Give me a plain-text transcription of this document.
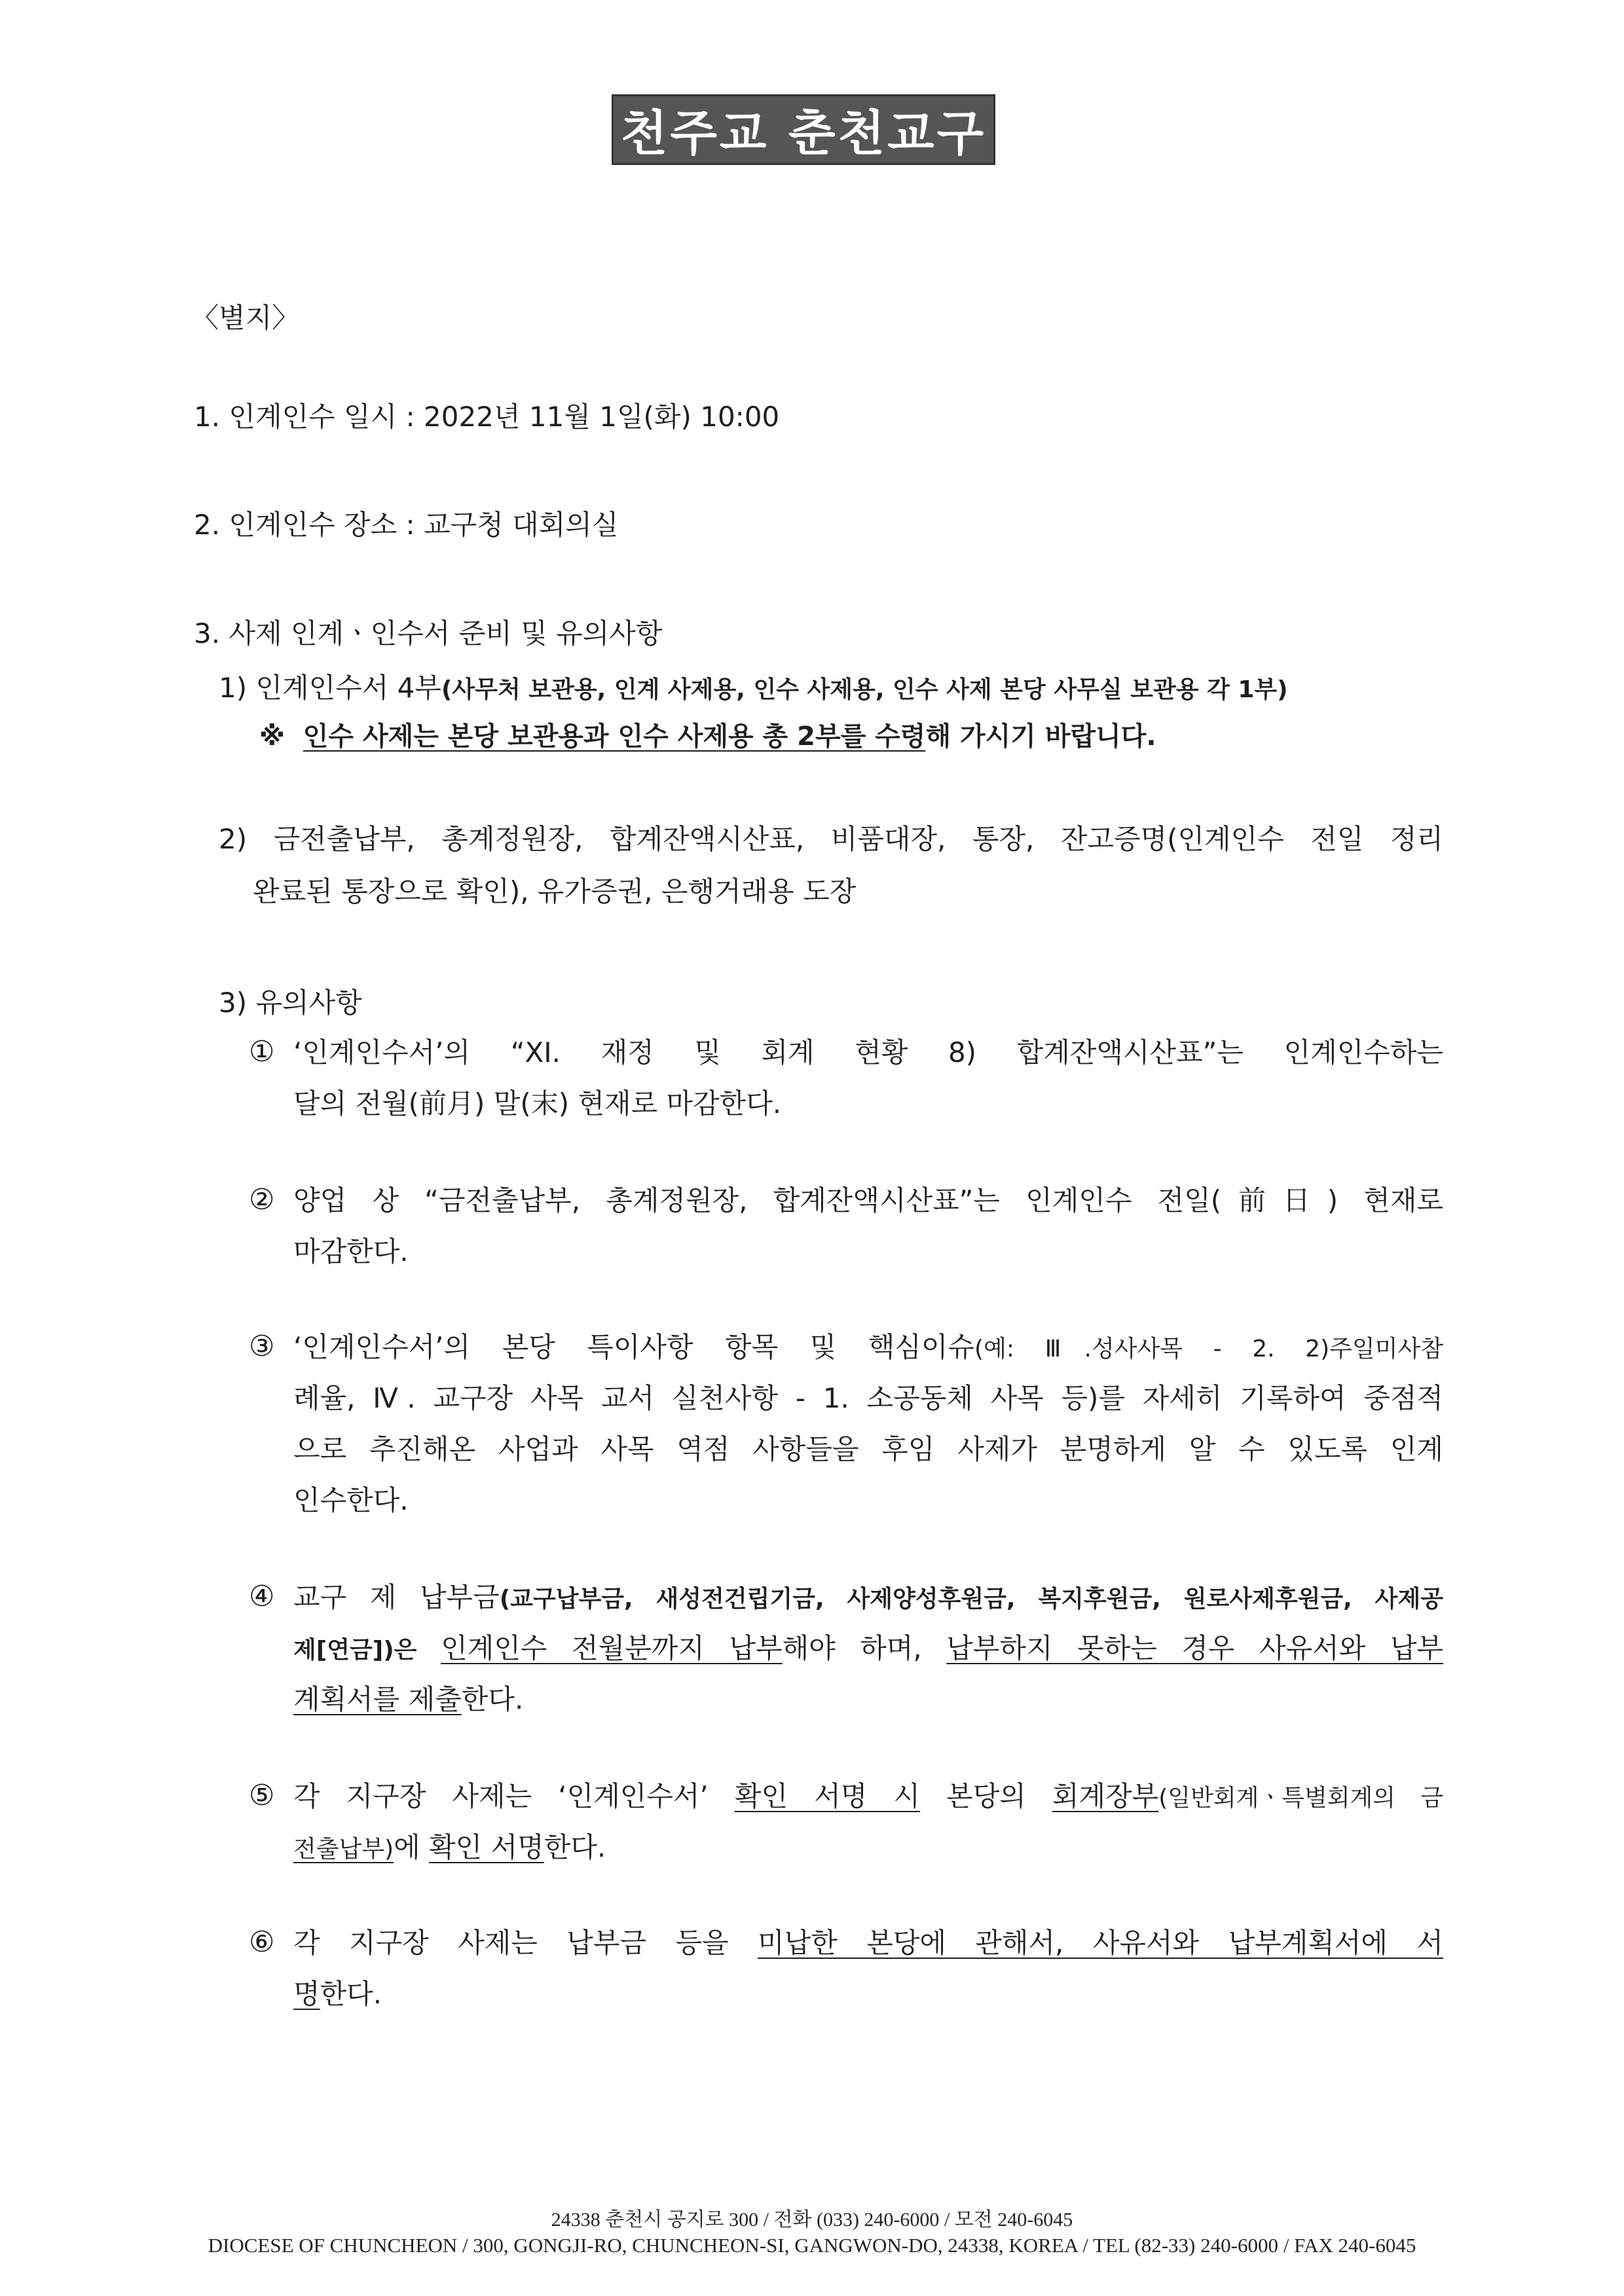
천주교 춘천교구
〈별지〉
1. 인계인수 일시 : 2022년 11월 1일(화) 10:00
2. 인계인수 장소 : 교구청 대회의실
3. 사제 인계ㆍ인수서 준비 및 유의사항
1) 인계인수서 4부(사무처 보관용, 인계 사제용, 인수 사제용, 인수 사제 본당 사무실 보관용 각 1부)
※ 인수 사제는 본당 보관용과 인수 사제용 총 2부를 수령해 가시기 바랍니다.
2) 금전출납부, 총계정원장, 합계잔액시산표, 비품대장, 통장, 잔고증명(인계인수 전일 정리
완료된 통장으로 확인), 유가증권, 은행거래용 도장
3) 유의사항
① ‘인계인수서’의 “XI. 재정 및 회계 현황 8) 합계잔액시산표”는 인계인수하는
달의 전월(前月) 말(末) 현재로 마감한다.
② 양업 상 “금전출납부, 총계정원장, 합계잔액시산표”는 인계인수 전일(前日) 현재로
마감한다.
③ ‘인계인수서’의 본당 특이사항 항목 및 핵심이슈(예: Ⅲ.성사사목 - 2. 2)주일미사참
례율, Ⅳ. 교구장 사목 교서 실천사항 - 1. 소공동체 사목 등)를 자세히 기록하여 중점적
으로 추진해온 사업과 사목 역점 사항들을 후임 사제가 분명하게 알 수 있도록 인계
인수한다.
④ 교구 제 납부금(교구납부금, 새성전건립기금, 사제양성후원금, 복지후원금, 원로사제후원금, 사제공
제[연금])은 인계인수 전월분까지 납부해야 하며, 납부하지 못하는 경우 사유서와 납부
계획서를 제출한다.
⑤ 각 지구장 사제는 ‘인계인수서’ 확인 서명 시 본당의 회계장부(일반회계ㆍ특별회계의 금
전출납부)에 확인 서명한다.
⑥ 각 지구장 사제는 납부금 등을 미납한 본당에 관해서, 사유서와 납부계획서에 서
명한다.
24338 춘천시 공지로 300 / 전화 (033) 240-6000 / 모전 240-6045
DIOCESE OF CHUNCHEON / 300, GONGJI-RO, CHUNCHEON-SI, GANGWON-DO, 24338, KOREA / TEL (82-33) 240-6000 / FAX 240-6045
